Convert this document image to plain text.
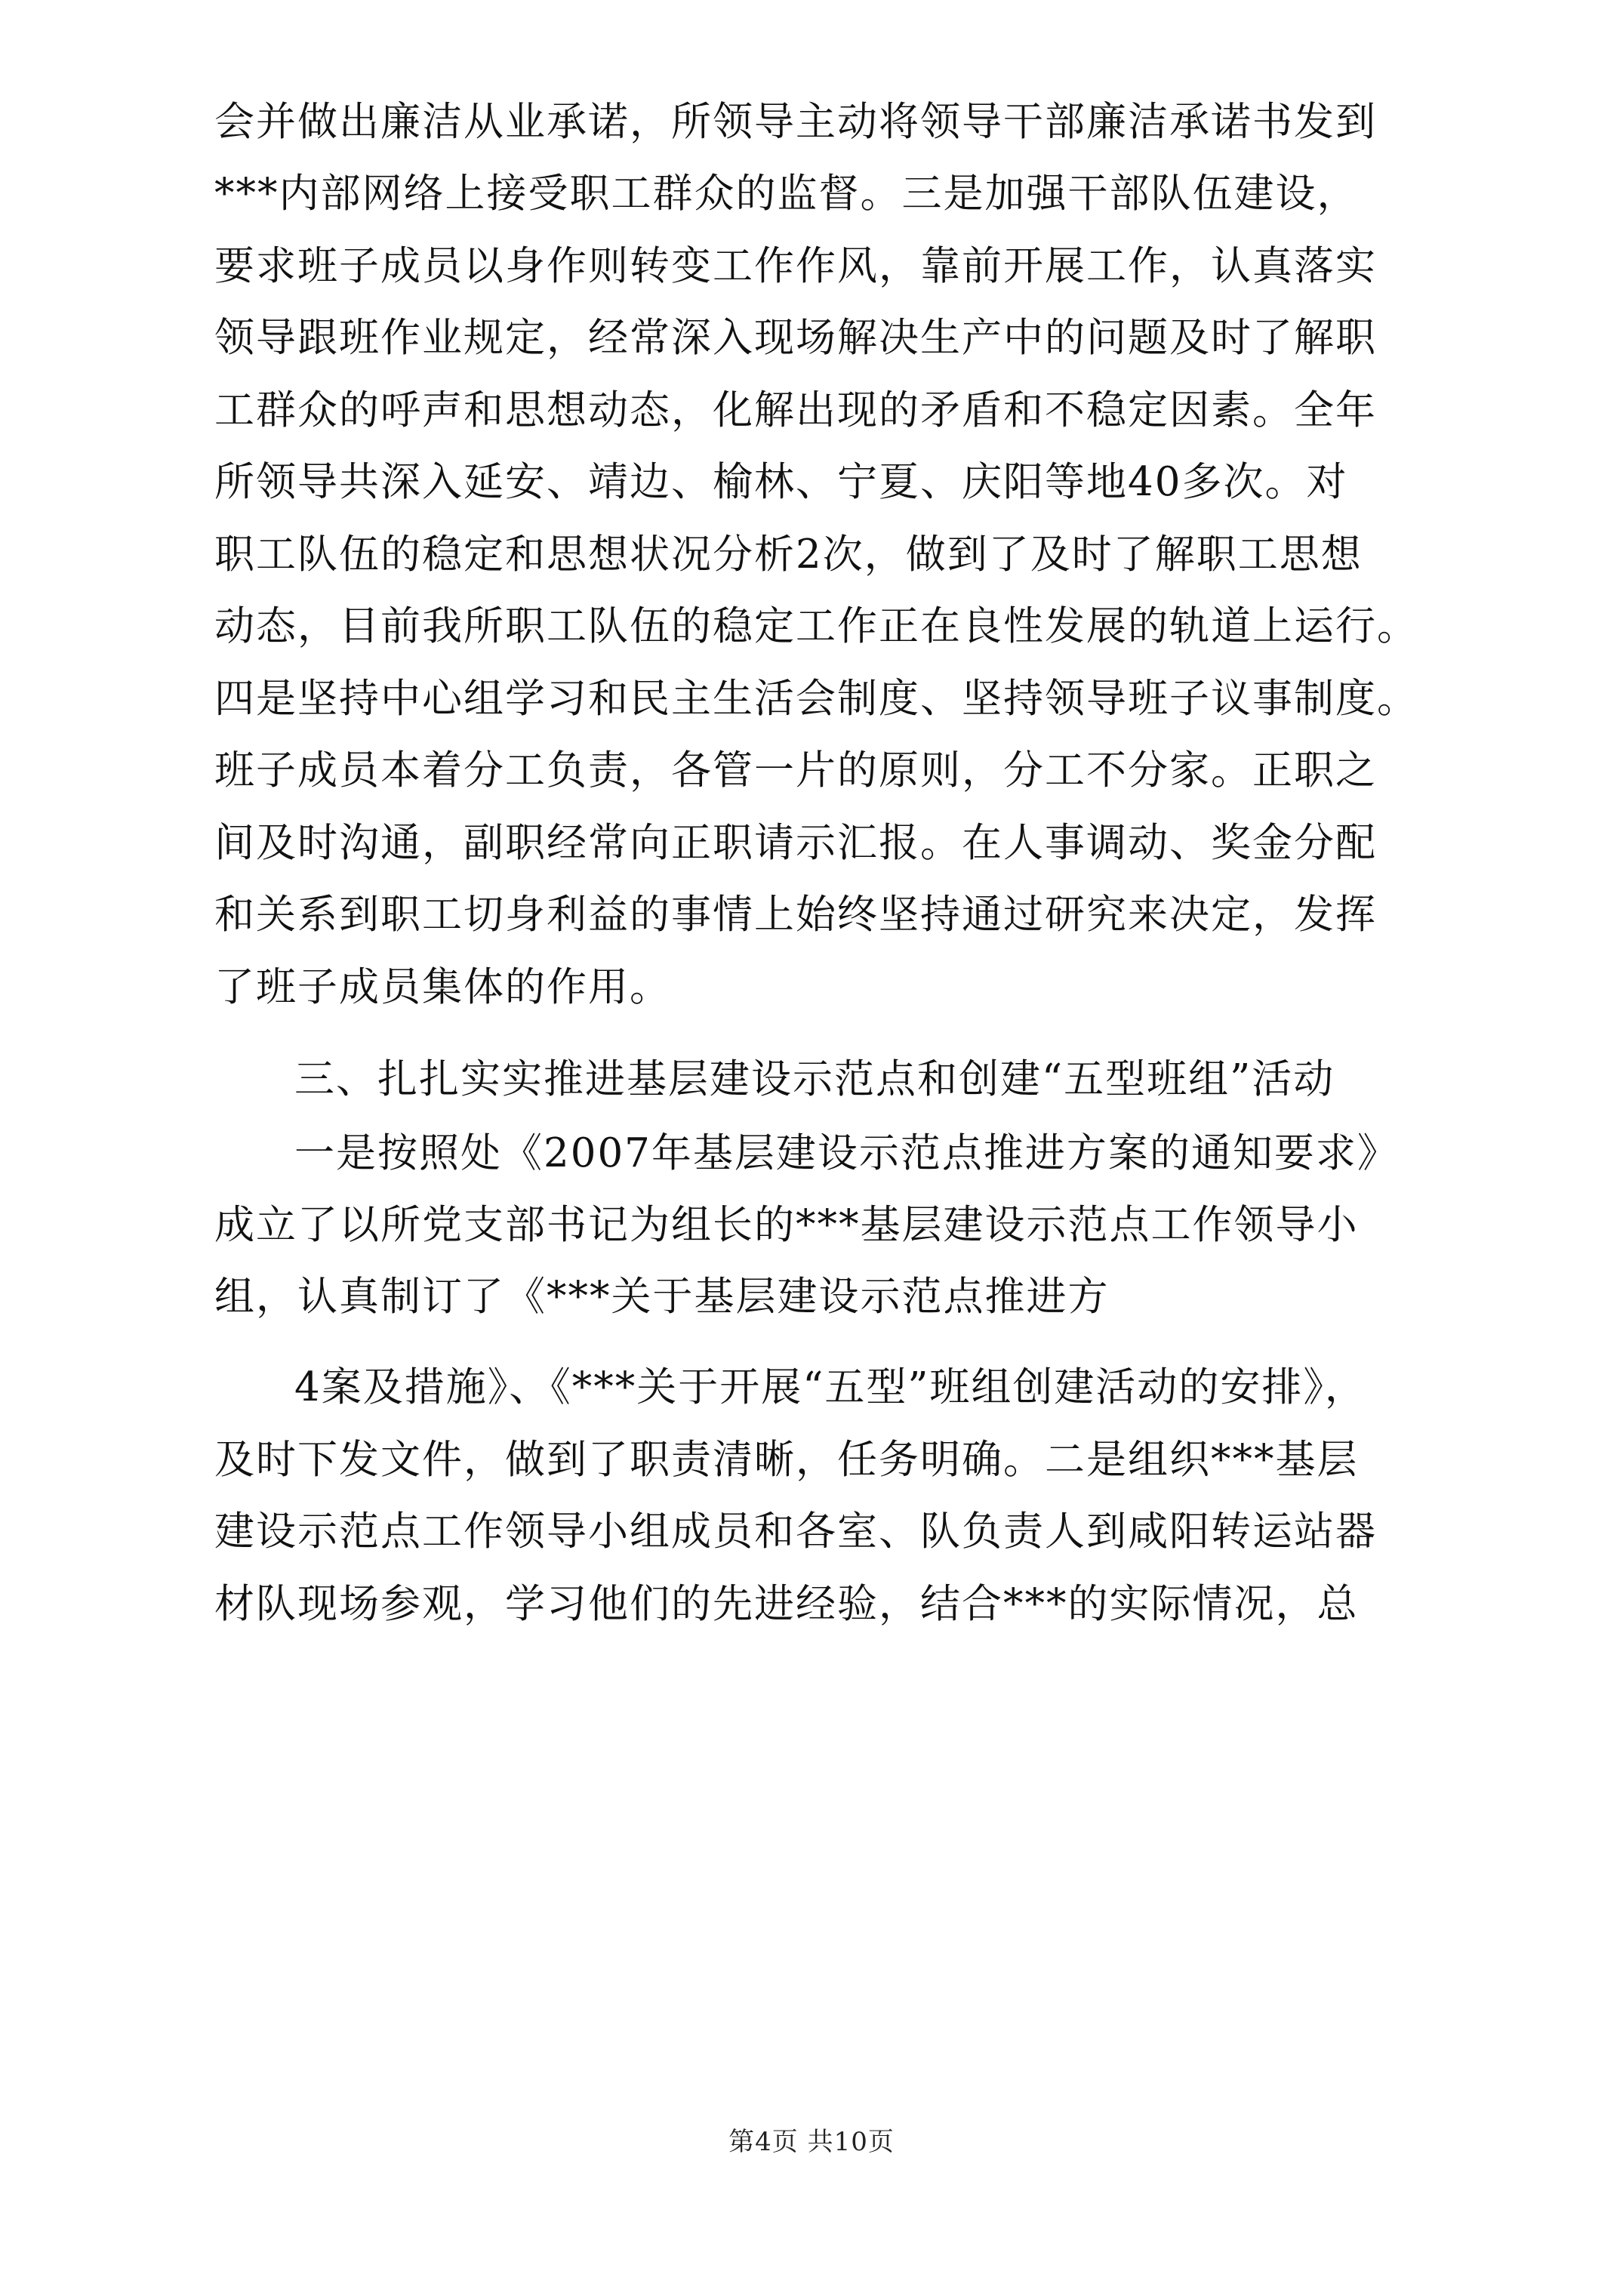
会并做出廉洁从业承诺，所领导主动将领导干部廉洁承诺书发到
***内部网络上接受职工群众的监督。三是加强干部队伍建设，
要求班子成员以身作则转变工作作风，靠前开展工作，认真落实
领导跟班作业规定，经常深入现场解决生产中的问题及时了解职
工群众的呼声和思想动态，化解出现的矛盾和不稳定因素。全年
所领导共深入延安、靖边、榆林、宁夏、庆阳等地40多次。对
职工队伍的稳定和思想状况分析2次，做到了及时了解职工思想
动态，目前我所职工队伍的稳定工作正在良性发展的轨道上运行。
四是坚持中心组学习和民主生活会制度、坚持领导班子议事制度。
班子成员本着分工负责，各管一片的原则，分工不分家。正职之
间及时沟通，副职经常向正职请示汇报。在人事调动、奖金分配
和关系到职工切身利益的事情上始终坚持通过研究来决定，发挥
了班子成员集体的作用。
三、扎扎实实推进基层建设示范点和创建“五型班组”活动
一是按照处《2007年基层建设示范点推进方案的通知要求》
成立了以所党支部书记为组长的***基层建设示范点工作领导小
组，认真制订了《***关于基层建设示范点推进方
4案及措施》、《***关于开展“五型”班组创建活动的安排》，
及时下发文件，做到了职责清晰，任务明确。二是组织***基层
建设示范点工作领导小组成员和各室、队负责人到咸阳转运站器
材队现场参观，学习他们的先进经验，结合***的实际情况，总
第4页 共10页
